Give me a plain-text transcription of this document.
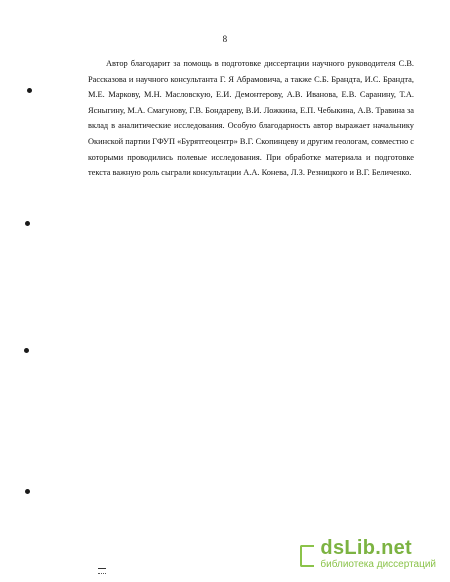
8

Автор благодарит за помощь в подготовке диссертации научного руководителя С.В. Рассказова и научного консультанта Г. Я Абрамовича, а также С.Б. Брандта, И.С. Брандта, М.Е. Маркову, М.Н. Масловскую, Е.И. Демонтерову, А.В. Иванова, Е.В. Саранину, Т.А. Ясныгину, М.А. Смагунову, Г.В. Бондареву, В.И. Ложкина, Е.П. Чебыкина, А.В. Травина за вклад в аналитические исследования. Особую благодарность автор выражает начальнику Окинской партии ГФУП «Бурятгеоцентр» В.Г. Скопинцеву и другим геологам, совместно с которыми проводились полевые исследования. При обработке материала и подготовке текста важную роль сыграли консультации А.А. Конева, Л.З. Резницкого и В.Г. Беличенко.

dsLib.net
библиотека диссертаций
